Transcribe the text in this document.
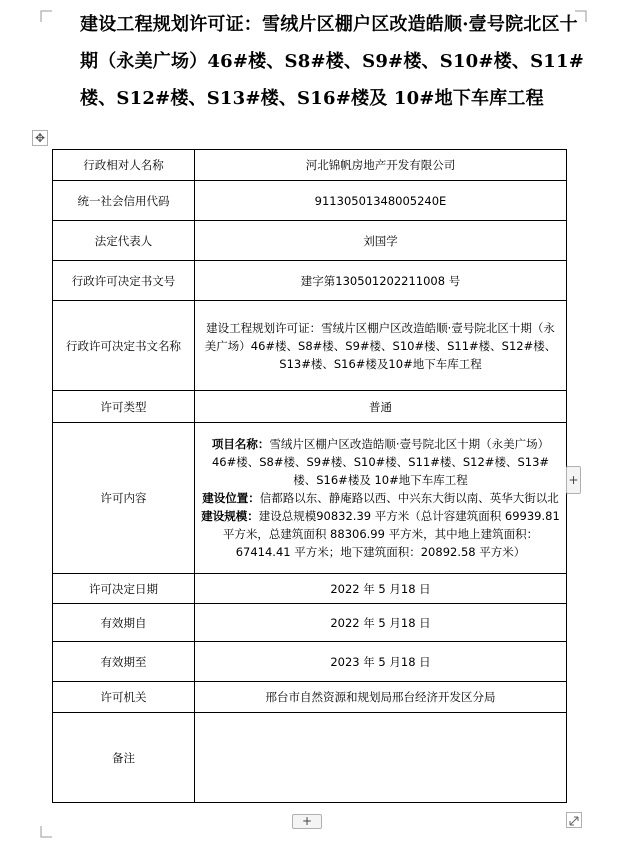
建设工程规划许可证：雪绒片区棚户区改造皓顺·壹号院北区十期（永美广场）46#楼、S8#楼、S9#楼、S10#楼、S11#楼、S12#楼、S13#楼、S16#楼及 10#地下车库工程
✥
行政相对人名称	河北锦帆房地产开发有限公司
统一社会信用代码	91130501348005240E
法定代表人	刘国学
行政许可决定书文号	建字第130501202211008 号
行政许可决定书文名称	建设工程规划许可证：雪绒片区棚户区改造皓顺·壹号院北区十期（永美广场）46#楼、S8#楼、S9#楼、S10#楼、S11#楼、S12#楼、S13#楼、S16#楼及10#地下车库工程
许可类型	普通
许可内容	项目名称：雪绒片区棚户区改造皓顺·壹号院北区十期（永美广场）46#楼、S8#楼、S9#楼、S10#楼、S11#楼、S12#楼、S13#楼、S16#楼及 10#地下车库工程
建设位置：信都路以东、静庵路以西、中兴东大街以南、英华大街以北
建设规模：建设总规模90832.39 平方米（总计容建筑面积 69939.81 平方米，总建筑面积 88306.99 平方米，其中地上建筑面积：67414.41 平方米；地下建筑面积：20892.58 平方米）

许可决定日期	2022 年 5 月18 日
有效期自	2022 年 5 月18 日
有效期至	2023 年 5 月18 日
许可机关	邢台市自然资源和规划局邢台经济开发区分局
备注	
+
+
